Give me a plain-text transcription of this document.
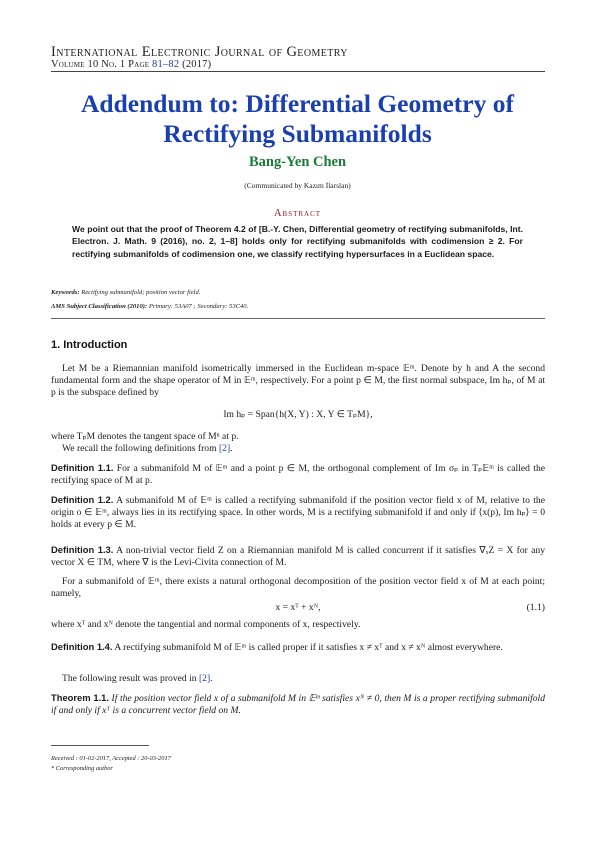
International Electronic Journal of Geometry
Volume 10 No. 1 Page 81–82 (2017)
Addendum to: Differential Geometry of
Rectifying Submanifolds
Bang-Yen Chen
(Communicated by Kazım İlarslan)
Abstract
We point out that the proof of Theorem 4.2 of [B.-Y. Chen, Differential geometry of rectifying submanifolds, Int. Electron. J. Math. 9 (2016), no. 2, 1–8] holds only for rectifying submanifolds with codimension ≥ 2. For rectifying submanifolds of codimension one, we classify rectifying hypersurfaces in a Euclidean space.
Keywords: Rectifying submanifold; position vector field.
AMS Subject Classification (2010): Primary: 53A07 ; Secondary: 53C40.
1. Introduction

Let M be a Riemannian manifold isometrically immersed in the Euclidean m-space 𝔼ᵐ. Denote by h and A the second fundamental form and the shape operator of M in 𝔼ᵐ, respectively. For a point p ∈ M, the first normal subspace, Im hₚ, of M at p is the subspace defined by

Im hₚ = Span{h(X, Y) : X, Y ∈ TₚM},

where TₚM denotes the tangent space of Mⁿ at p.

We recall the following definitions from [2].

Definition 1.1. For a submanifold M of 𝔼ᵐ and a point p ∈ M, the orthogonal complement of Im σₚ in Tₚ𝔼ᵐ is called the rectifying space of M at p.

Definition 1.2. A submanifold M of 𝔼ᵐ is called a rectifying submanifold if the position vector field x of M, relative to the origin o ∈ 𝔼ᵐ, always lies in its rectifying space. In other words, M is a rectifying submanifold if and only if ⟨x(p), Im hₚ⟩ = 0 holds at every p ∈ M.

Definition 1.3. A non-trivial vector field Z on a Riemannian manifold M is called concurrent if it satisfies ∇ₓZ = X for any vector X ∈ TM, where ∇ is the Levi-Civita connection of M.

For a submanifold of 𝔼ᵐ, there exists a natural orthogonal decomposition of the position vector field x of M at each point; namely,

x = xᵀ + xᴺ,	(1.1)

where xᵀ and xᴺ denote the tangential and normal components of x, respectively.

Definition 1.4. A rectifying submanifold M of 𝔼ᵐ is called proper if it satisfies x ≠ xᵀ and x ≠ xᴺ almost everywhere.

The following result was proved in [2].

Theorem 1.1. If the position vector field x of a submanifold M in 𝔼ᵐ satisfies xᴺ ≠ 0, then M is a proper rectifying submanifold if and only if xᵀ is a concurrent vector field on M.

Received : 01-02-2017, Accepted : 20-03-2017
* Corresponding author
